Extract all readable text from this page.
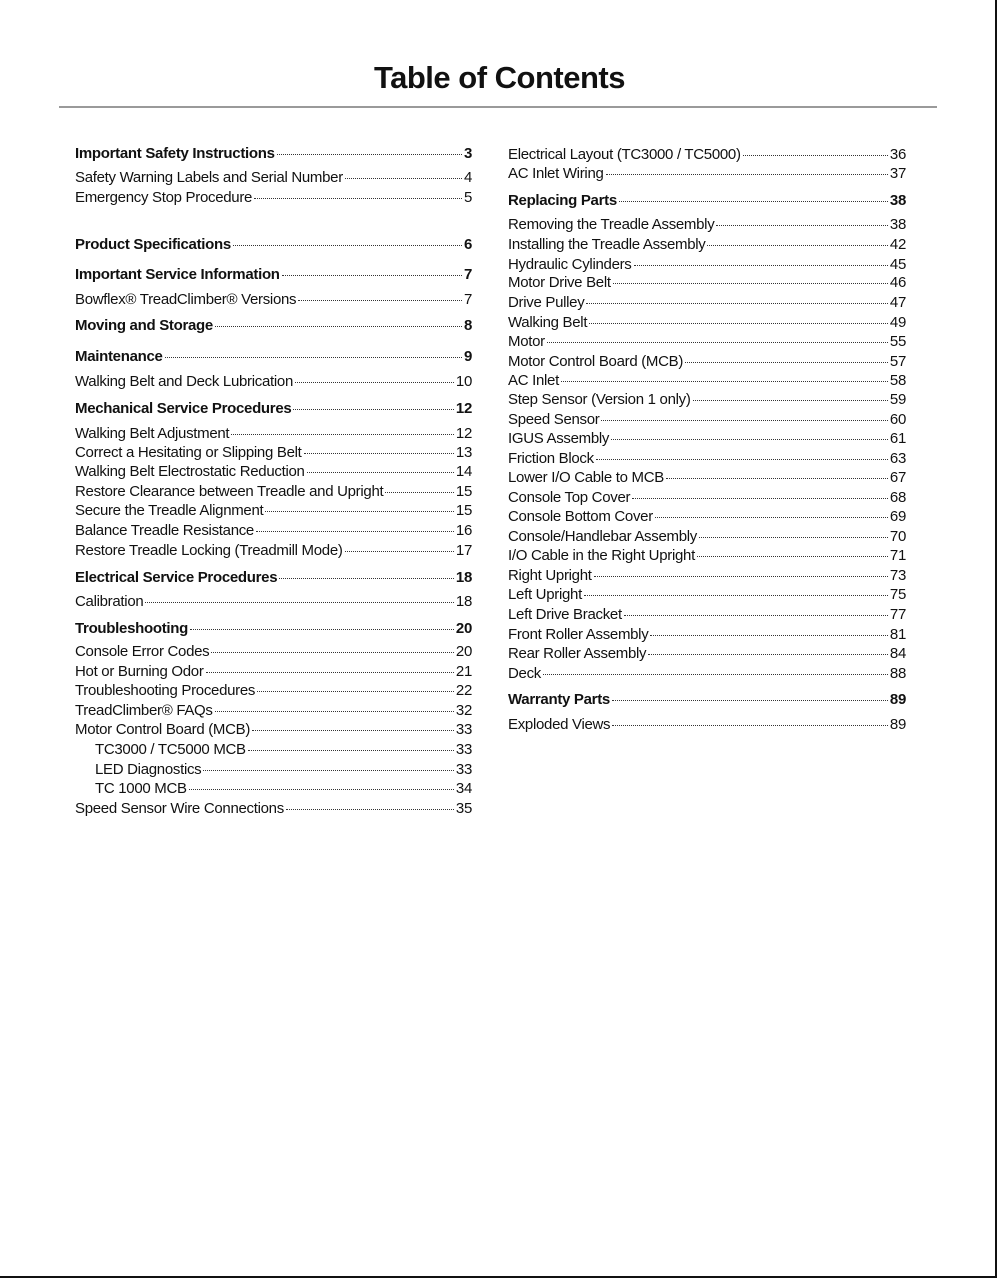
Table of Contents
Important Safety Instructions	3
Safety Warning Labels and Serial Number	4
Emergency Stop Procedure	5
Product Specifications	6
Important Service Information	7
Bowflex® TreadClimber® Versions	7
Moving and Storage	8
Maintenance	9
Walking Belt and Deck Lubrication	10
Mechanical Service Procedures	12
Walking Belt Adjustment	12
Correct a Hesitating or Slipping Belt	13
Walking Belt Electrostatic Reduction	14
Restore Clearance between Treadle and Upright	15
Secure the Treadle Alignment	15
Balance Treadle Resistance	16
Restore Treadle Locking (Treadmill Mode)	17
Electrical Service Procedures	18
Calibration	18
Troubleshooting	20
Console Error Codes	20
Hot or Burning Odor	21
Troubleshooting Procedures	22
TreadClimber® FAQs	32
Motor Control Board (MCB)	33
TC3000 / TC5000 MCB	33
LED Diagnostics	33
TC 1000 MCB	34
Speed Sensor Wire Connections	35
Electrical Layout (TC3000 / TC5000)	36
AC Inlet Wiring	37
Replacing Parts	38
Removing the Treadle Assembly	38
Installing the Treadle Assembly	42
Hydraulic Cylinders	45
Motor Drive Belt	46
Drive Pulley	47
Walking Belt	49
Motor	55
Motor Control Board (MCB)	57
AC Inlet	58
Step Sensor (Version 1 only)	59
Speed Sensor	60
IGUS Assembly	61
Friction Block	63
Lower I/O Cable to MCB	67
Console Top Cover	68
Console Bottom Cover	69
Console/Handlebar Assembly	70
I/O Cable in the Right Upright	71
Right Upright	73
Left Upright	75
Left Drive Bracket	77
Front Roller Assembly	81
Rear Roller Assembly	84
Deck	88
Warranty Parts	89
Exploded Views	89
